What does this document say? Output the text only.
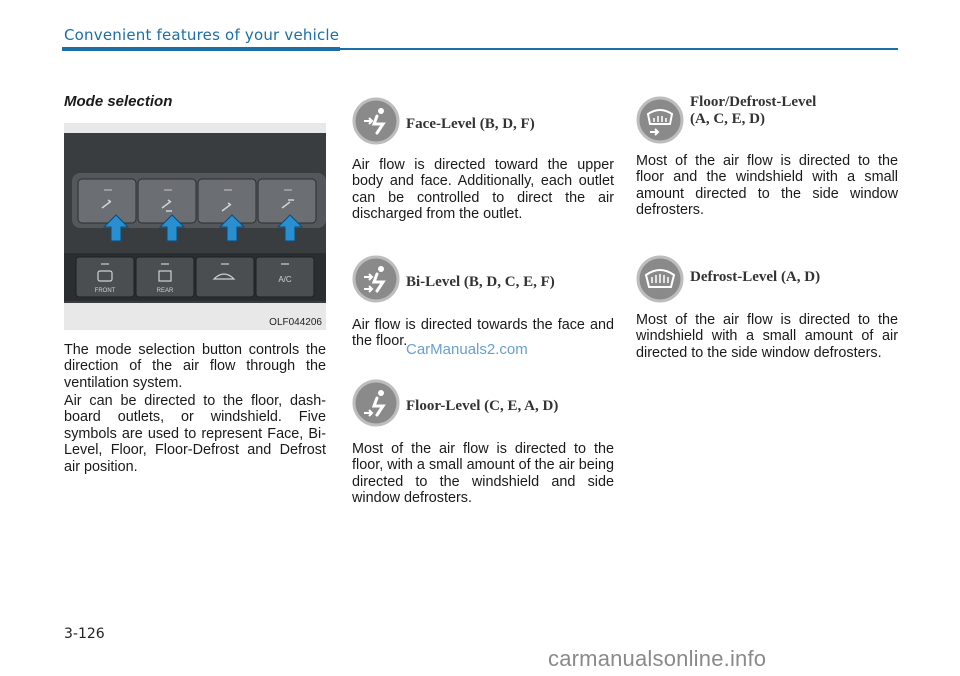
Convenient features of your vehicle
Mode selection
FRONT	REAR
A/C
OLF044206

The mode selection button controls the direction of the air flow through the ventilation system.

Air can be directed to the floor, dash-board outlets, or windshield. Five symbols are used to represent Face, Bi-Level, Floor, Floor-Defrost and Defrost air position.

Face-Level (B, D, F)

Air flow is directed toward the upper body and face. Additionally, each outlet can be controlled to direct the air discharged from the outlet.

Bi-Level (B, D, C, E, F)

Air flow is directed towards the face and the floor.

Floor-Level (C, E, A, D)

Most of the air flow is directed to the floor, with a small amount of the air being directed to the windshield and side window defrosters.

Floor/Defrost-Level
(A, C, E, D)

Most of the air flow is directed to the floor and the windshield with a small amount directed to the side window defrosters.

Defrost-Level (A, D)

Most of the air flow is directed to the windshield with a small amount of air directed to the side window defrosters.

CarManuals2.com
3-126
carmanualsonline.info
